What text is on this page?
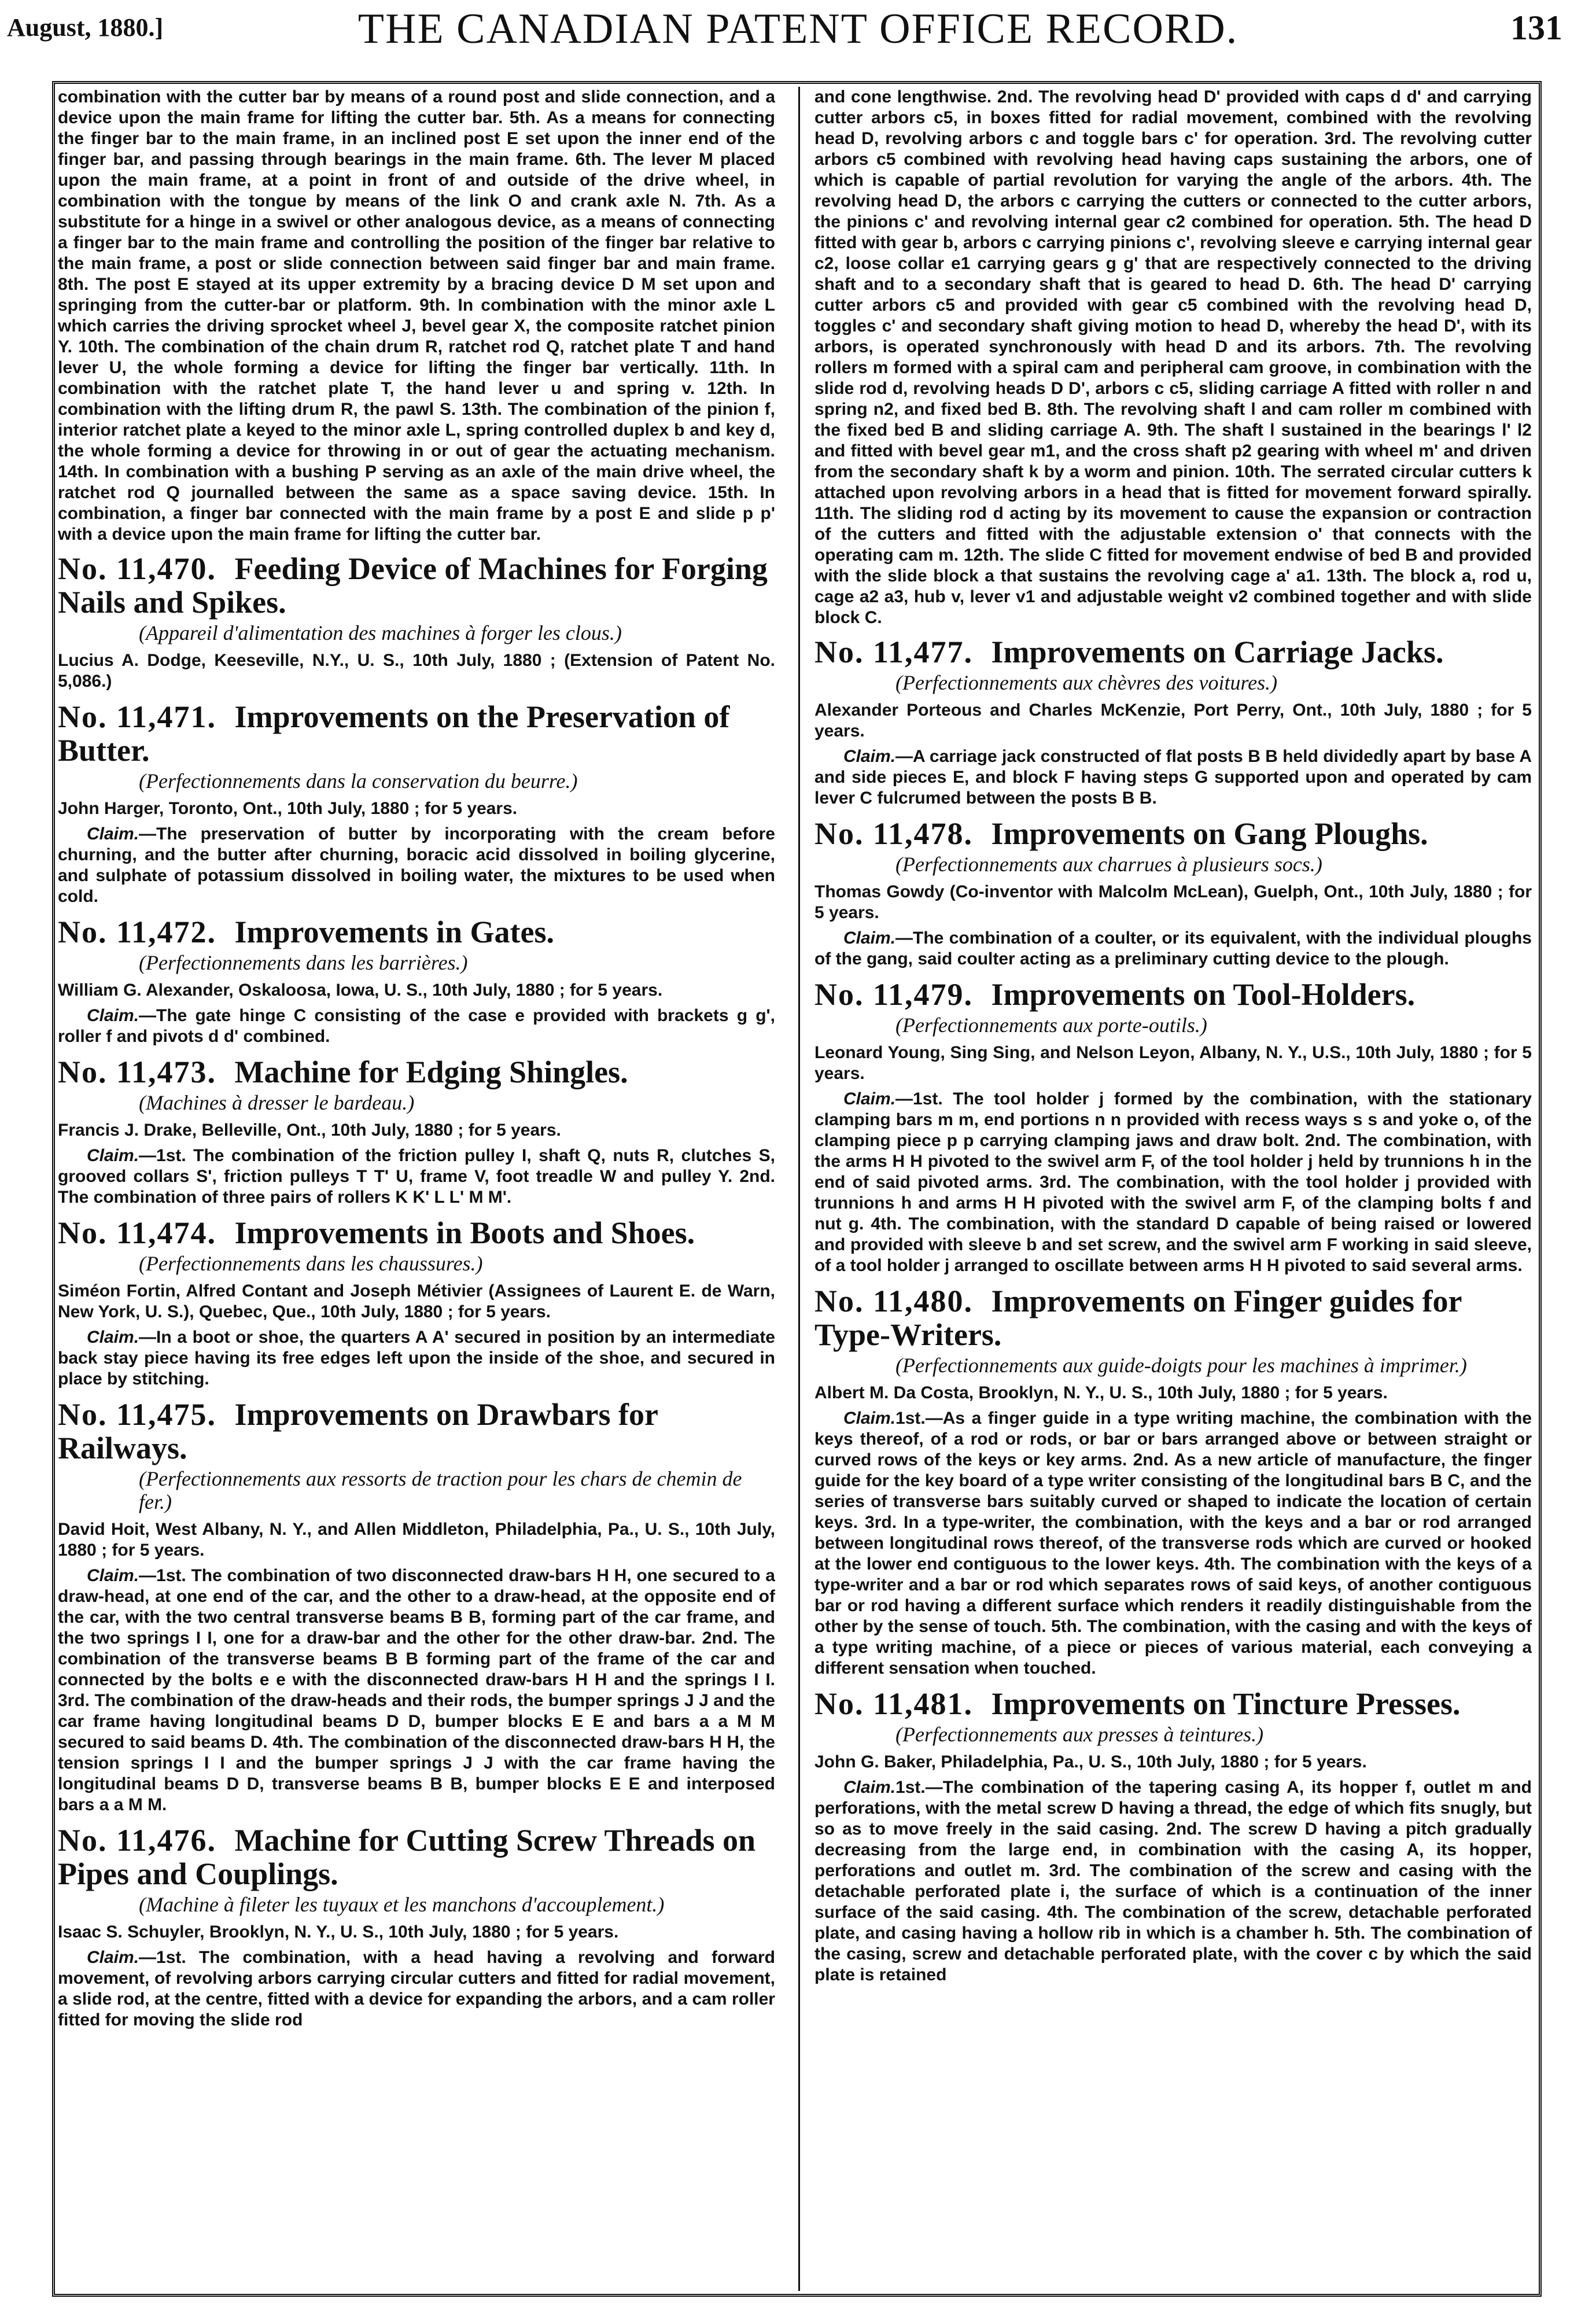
August, 1880.]	THE CANADIAN PATENT OFFICE RECORD.	131

combination with the cutter bar by means of a round post and slide connection, and a device upon the main frame for lifting the cutter bar. 5th. As a means for connecting the finger bar to the main frame, in an inclined post E set upon the inner end of the finger bar, and passing through bearings in the main frame. 6th. The lever M placed upon the main frame, at a point in front of and outside of the drive wheel, in combination with the tongue by means of the link O and crank axle N. 7th. As a substitute for a hinge in a swivel or other analogous device, as a means of connecting a finger bar to the main frame and controlling the position of the finger bar relative to the main frame, a post or slide connection between said finger bar and main frame. 8th. The post E stayed at its upper extremity by a bracing device D M set upon and springing from the cutter-bar or platform. 9th. In combination with the minor axle L which carries the driving sprocket wheel J, bevel gear X, the composite ratchet pinion Y. 10th. The combination of the chain drum R, ratchet rod Q, ratchet plate T and hand lever U, the whole forming a device for lifting the finger bar vertically. 11th. In combination with the ratchet plate T, the hand lever u and spring v. 12th. In combination with the lifting drum R, the pawl S. 13th. The combination of the pinion f, interior ratchet plate a keyed to the minor axle L, spring controlled duplex b and key d, the whole forming a device for throwing in or out of gear the actuating mechanism. 14th. In combination with a bushing P serving as an axle of the main drive wheel, the ratchet rod Q journalled between the same as a space saving device. 15th. In combination, a finger bar connected with the main frame by a post E and slide p p' with a device upon the main frame for lifting the cutter bar.

No. 11,470. Feeding Device of Machines for Forging Nails and Spikes.
(Appareil d'alimentation des machines à forger les clous.)

Lucius A. Dodge, Keeseville, N.Y., U. S., 10th July, 1880 ; (Extension of Patent No. 5,086.)

No. 11,471. Improvements on the Preservation of Butter.
(Perfectionnements dans la conservation du beurre.)

John Harger, Toronto, Ont., 10th July, 1880 ; for 5 years.

Claim.—The preservation of butter by incorporating with the cream before churning, and the butter after churning, boracic acid dissolved in boiling glycerine, and sulphate of potassium dissolved in boiling water, the mixtures to be used when cold.

No. 11,472. Improvements in Gates.
(Perfectionnements dans les barrières.)

William G. Alexander, Oskaloosa, Iowa, U. S., 10th July, 1880 ; for 5 years.

Claim.—The gate hinge C consisting of the case e provided with brackets g g', roller f and pivots d d' combined.

No. 11,473. Machine for Edging Shingles.
(Machines à dresser le bardeau.)

Francis J. Drake, Belleville, Ont., 10th July, 1880 ; for 5 years.

Claim.—1st. The combination of the friction pulley I, shaft Q, nuts R, clutches S, grooved collars S', friction pulleys T T' U, frame V, foot treadle W and pulley Y. 2nd. The combination of three pairs of rollers K K' L L' M M'.

No. 11,474. Improvements in Boots and Shoes.
(Perfectionnements dans les chaussures.)

Siméon Fortin, Alfred Contant and Joseph Métivier (Assignees of Laurent E. de Warn, New York, U. S.), Quebec, Que., 10th July, 1880 ; for 5 years.

Claim.—In a boot or shoe, the quarters A A' secured in position by an intermediate back stay piece having its free edges left upon the inside of the shoe, and secured in place by stitching.

No. 11,475. Improvements on Drawbars for Railways.
(Perfectionnements aux ressorts de traction pour les chars de chemin de fer.)

David Hoit, West Albany, N. Y., and Allen Middleton, Philadelphia, Pa., U. S., 10th July, 1880 ; for 5 years.

Claim.—1st. The combination of two disconnected draw-bars H H, one secured to a draw-head, at one end of the car, and the other to a draw-head, at the opposite end of the car, with the two central transverse beams B B, forming part of the car frame, and the two springs I I, one for a draw-bar and the other for the other draw-bar. 2nd. The combination of the transverse beams B B forming part of the frame of the car and connected by the bolts e e with the disconnected draw-bars H H and the springs I I. 3rd. The combination of the draw-heads and their rods, the bumper springs J J and the car frame having longitudinal beams D D, bumper blocks E E and bars a a M M secured to said beams D. 4th. The combination of the disconnected draw-bars H H, the tension springs I I and the bumper springs J J with the car frame having the longitudinal beams D D, transverse beams B B, bumper blocks E E and interposed bars a a M M.

No. 11,476. Machine for Cutting Screw Threads on Pipes and Couplings.
(Machine à fileter les tuyaux et les manchons d'accouplement.)

Isaac S. Schuyler, Brooklyn, N. Y., U. S., 10th July, 1880 ; for 5 years.

Claim.—1st. The combination, with a head having a revolving and forward movement, of revolving arbors carrying circular cutters and fitted for radial movement, a slide rod, at the centre, fitted with a device for expanding the arbors, and a cam roller fitted for moving the slide rod

and cone lengthwise. 2nd. The revolving head D' provided with caps d d' and carrying cutter arbors c5, in boxes fitted for radial movement, combined with the revolving head D, revolving arbors c and toggle bars c' for operation. 3rd. The revolving cutter arbors c5 combined with revolving head having caps sustaining the arbors, one of which is capable of partial revolution for varying the angle of the arbors. 4th. The revolving head D, the arbors c carrying the cutters or connected to the cutter arbors, the pinions c' and revolving internal gear c2 combined for operation. 5th. The head D fitted with gear b, arbors c carrying pinions c', revolving sleeve e carrying internal gear c2, loose collar e1 carrying gears g g' that are respectively connected to the driving shaft and to a secondary shaft that is geared to head D. 6th. The head D' carrying cutter arbors c5 and provided with gear c5 combined with the revolving head D, toggles c' and secondary shaft giving motion to head D, whereby the head D', with its arbors, is operated synchronously with head D and its arbors. 7th. The revolving rollers m formed with a spiral cam and peripheral cam groove, in combination with the slide rod d, revolving heads D D', arbors c c5, sliding carriage A fitted with roller n and spring n2, and fixed bed B. 8th. The revolving shaft l and cam roller m combined with the fixed bed B and sliding carriage A. 9th. The shaft l sustained in the bearings l' l2 and fitted with bevel gear m1, and the cross shaft p2 gearing with wheel m' and driven from the secondary shaft k by a worm and pinion. 10th. The serrated circular cutters k attached upon revolving arbors in a head that is fitted for movement forward spirally. 11th. The sliding rod d acting by its movement to cause the expansion or contraction of the cutters and fitted with the adjustable extension o' that connects with the operating cam m. 12th. The slide C fitted for movement endwise of bed B and provided with the slide block a that sustains the revolving cage a' a1. 13th. The block a, rod u, cage a2 a3, hub v, lever v1 and adjustable weight v2 combined together and with slide block C.

No. 11,477. Improvements on Carriage Jacks.
(Perfectionnements aux chèvres des voitures.)

Alexander Porteous and Charles McKenzie, Port Perry, Ont., 10th July, 1880 ; for 5 years.

Claim.—A carriage jack constructed of flat posts B B held dividedly apart by base A and side pieces E, and block F having steps G supported upon and operated by cam lever C fulcrumed between the posts B B.

No. 11,478. Improvements on Gang Ploughs.
(Perfectionnements aux charrues à plusieurs socs.)

Thomas Gowdy (Co-inventor with Malcolm McLean), Guelph, Ont., 10th July, 1880 ; for 5 years.

Claim.—The combination of a coulter, or its equivalent, with the individual ploughs of the gang, said coulter acting as a preliminary cutting device to the plough.

No. 11,479. Improvements on Tool-Holders.
(Perfectionnements aux porte-outils.)

Leonard Young, Sing Sing, and Nelson Leyon, Albany, N. Y., U.S., 10th July, 1880 ; for 5 years.

Claim.—1st. The tool holder j formed by the combination, with the stationary clamping bars m m, end portions n n provided with recess ways s s and yoke o, of the clamping piece p p carrying clamping jaws and draw bolt. 2nd. The combination, with the arms H H pivoted to the swivel arm F, of the tool holder j held by trunnions h in the end of said pivoted arms. 3rd. The combination, with the tool holder j provided with trunnions h and arms H H pivoted with the swivel arm F, of the clamping bolts f and nut g. 4th. The combination, with the standard D capable of being raised or lowered and provided with sleeve b and set screw, and the swivel arm F working in said sleeve, of a tool holder j arranged to oscillate between arms H H pivoted to said several arms.

No. 11,480. Improvements on Finger guides for Type-Writers.
(Perfectionnements aux guide-doigts pour les machines à imprimer.)

Albert M. Da Costa, Brooklyn, N. Y., U. S., 10th July, 1880 ; for 5 years.

Claim.1st.—As a finger guide in a type writing machine, the combination with the keys thereof, of a rod or rods, or bar or bars arranged above or between straight or curved rows of the keys or key arms. 2nd. As a new article of manufacture, the finger guide for the key board of a type writer consisting of the longitudinal bars B C, and the series of transverse bars suitably curved or shaped to indicate the location of certain keys. 3rd. In a type-writer, the combination, with the keys and a bar or rod arranged between longitudinal rows thereof, of the transverse rods which are curved or hooked at the lower end contiguous to the lower keys. 4th. The combination with the keys of a type-writer and a bar or rod which separates rows of said keys, of another contiguous bar or rod having a different surface which renders it readily distinguishable from the other by the sense of touch. 5th. The combination, with the casing and with the keys of a type writing machine, of a piece or pieces of various material, each conveying a different sensation when touched.

No. 11,481. Improvements on Tincture Presses.
(Perfectionnements aux presses à teintures.)

John G. Baker, Philadelphia, Pa., U. S., 10th July, 1880 ; for 5 years.

Claim.1st.—The combination of the tapering casing A, its hopper f, outlet m and perforations, with the metal screw D having a thread, the edge of which fits snugly, but so as to move freely in the said casing. 2nd. The screw D having a pitch gradually decreasing from the large end, in combination with the casing A, its hopper, perforations and outlet m. 3rd. The combination of the screw and casing with the detachable perforated plate i, the surface of which is a continuation of the inner surface of the said casing. 4th. The combination of the screw, detachable perforated plate, and casing having a hollow rib in which is a chamber h. 5th. The combination of the casing, screw and detachable perforated plate, with the cover c by which the said plate is retained
